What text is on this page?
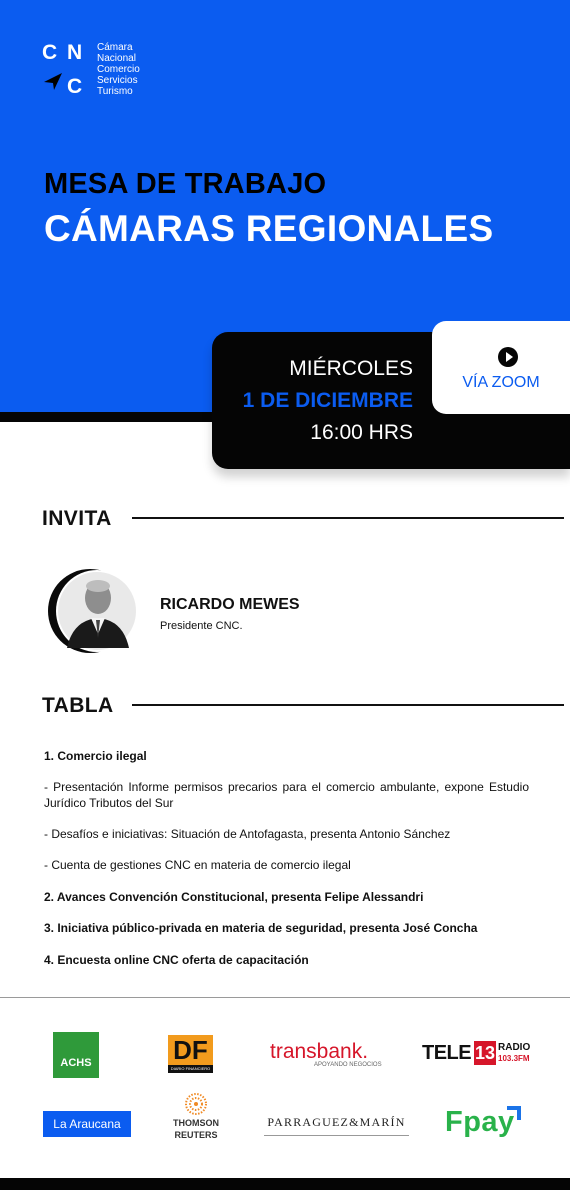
C N
C
Cámara
Nacional
Comercio
Servicios
Turismo
MESA DE TRABAJO
CÁMARAS REGIONALES
MIÉRCOLES
1 DE DICIEMBRE
16:00 HRS
VÍA ZOOM
INVITA
RICARDO MEWES
Presidente CNC.
TABLA
1. Comercio ilegal
- Presentación Informe permisos precarios para el comercio ambulante, expone Estudio Jurídico Tributos del Sur
- Desafíos e iniciativas: Situación de Antofagasta, presenta Antonio Sánchez
- Cuenta de gestiones CNC en materia de comercio ilegal
2. Avances Convención Constitucional, presenta Felipe Alessandri
3. Iniciativa público-privada en materia de seguridad, presenta José Concha
4. Encuesta online CNC oferta de capacitación
ACHS	DF
DIARIO FINANCIERO
transbank.
APOYANDO NEGOCIOS
TELE 13 RADIO
103.3FM
La Araucana	THOMSON
REUTERS
PARRAGUEZ&MARÍN Fpay
